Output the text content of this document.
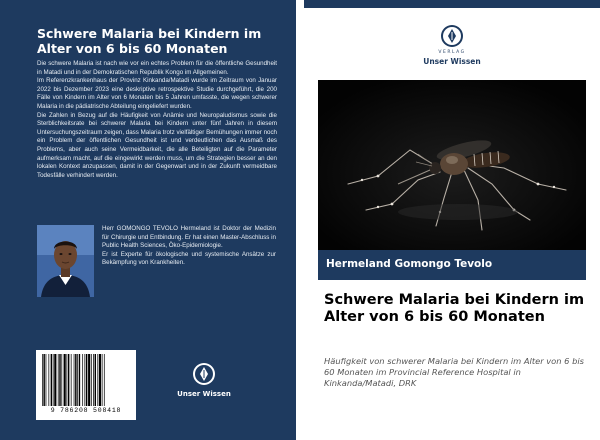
Schwere Malaria bei Kindern im Alter von 6 bis 60 Monaten

Die schwere Malaria ist nach wie vor ein echtes Problem für die öffentliche Gesundheit in Matadi und in der Demokratischen Republik Kongo im Allgemeinen.

Im Referenzkrankenhaus der Provinz Kinkanda/Matadi wurde im Zeitraum von Januar 2022 bis Dezember 2023 eine deskriptive retrospektive Studie durchgeführt, die 200 Fälle von Kindern im Alter von 6 Monaten bis 5 Jahren umfasste, die wegen schwerer Malaria in die pädiatrische Abteilung eingeliefert wurden.

Die Zahlen in Bezug auf die Häufigkeit von Anämie und Neuropaludismus sowie die Sterblichkeitsrate bei schwerer Malaria bei Kindern unter fünf Jahren in diesem Untersuchungszeitraum zeigen, dass Malaria trotz vielfältiger Bemühungen immer noch ein Problem der öffentlichen Gesundheit ist und verdeutlichen das Ausmaß des Problems, aber auch seine Vermeidbarkeit, die alle Beteiligten auf die Parameter aufmerksam macht, auf die eingewirkt werden muss, um die Strategien besser an den lokalen Kontext anzupassen, damit in der Gegenwart und in der Zukunft vermeidbare Todesfälle verhindert werden.

Herr GOMONGO TEVOLO Hermeland ist Doktor der Medizin für Chirurgie und Entbindung. Er hat einen Master-Abschluss in Public Health Sciences, Öko-Epidemiologie.

Er ist Experte für ökologische und systemische Ansätze zur Bekämpfung von Krankheiten.

9 786208 508418
Unser Wissen
VERLAG
Unser Wissen
Hermeland Gomongo Tevolo
Schwere Malaria bei Kindern im Alter von 6 bis 60 Monaten
Häufigkeit von schwerer Malaria bei Kindern im Alter von 6 bis 60 Monaten im Provincial Reference Hospital in Kinkanda/Matadi, DRK
